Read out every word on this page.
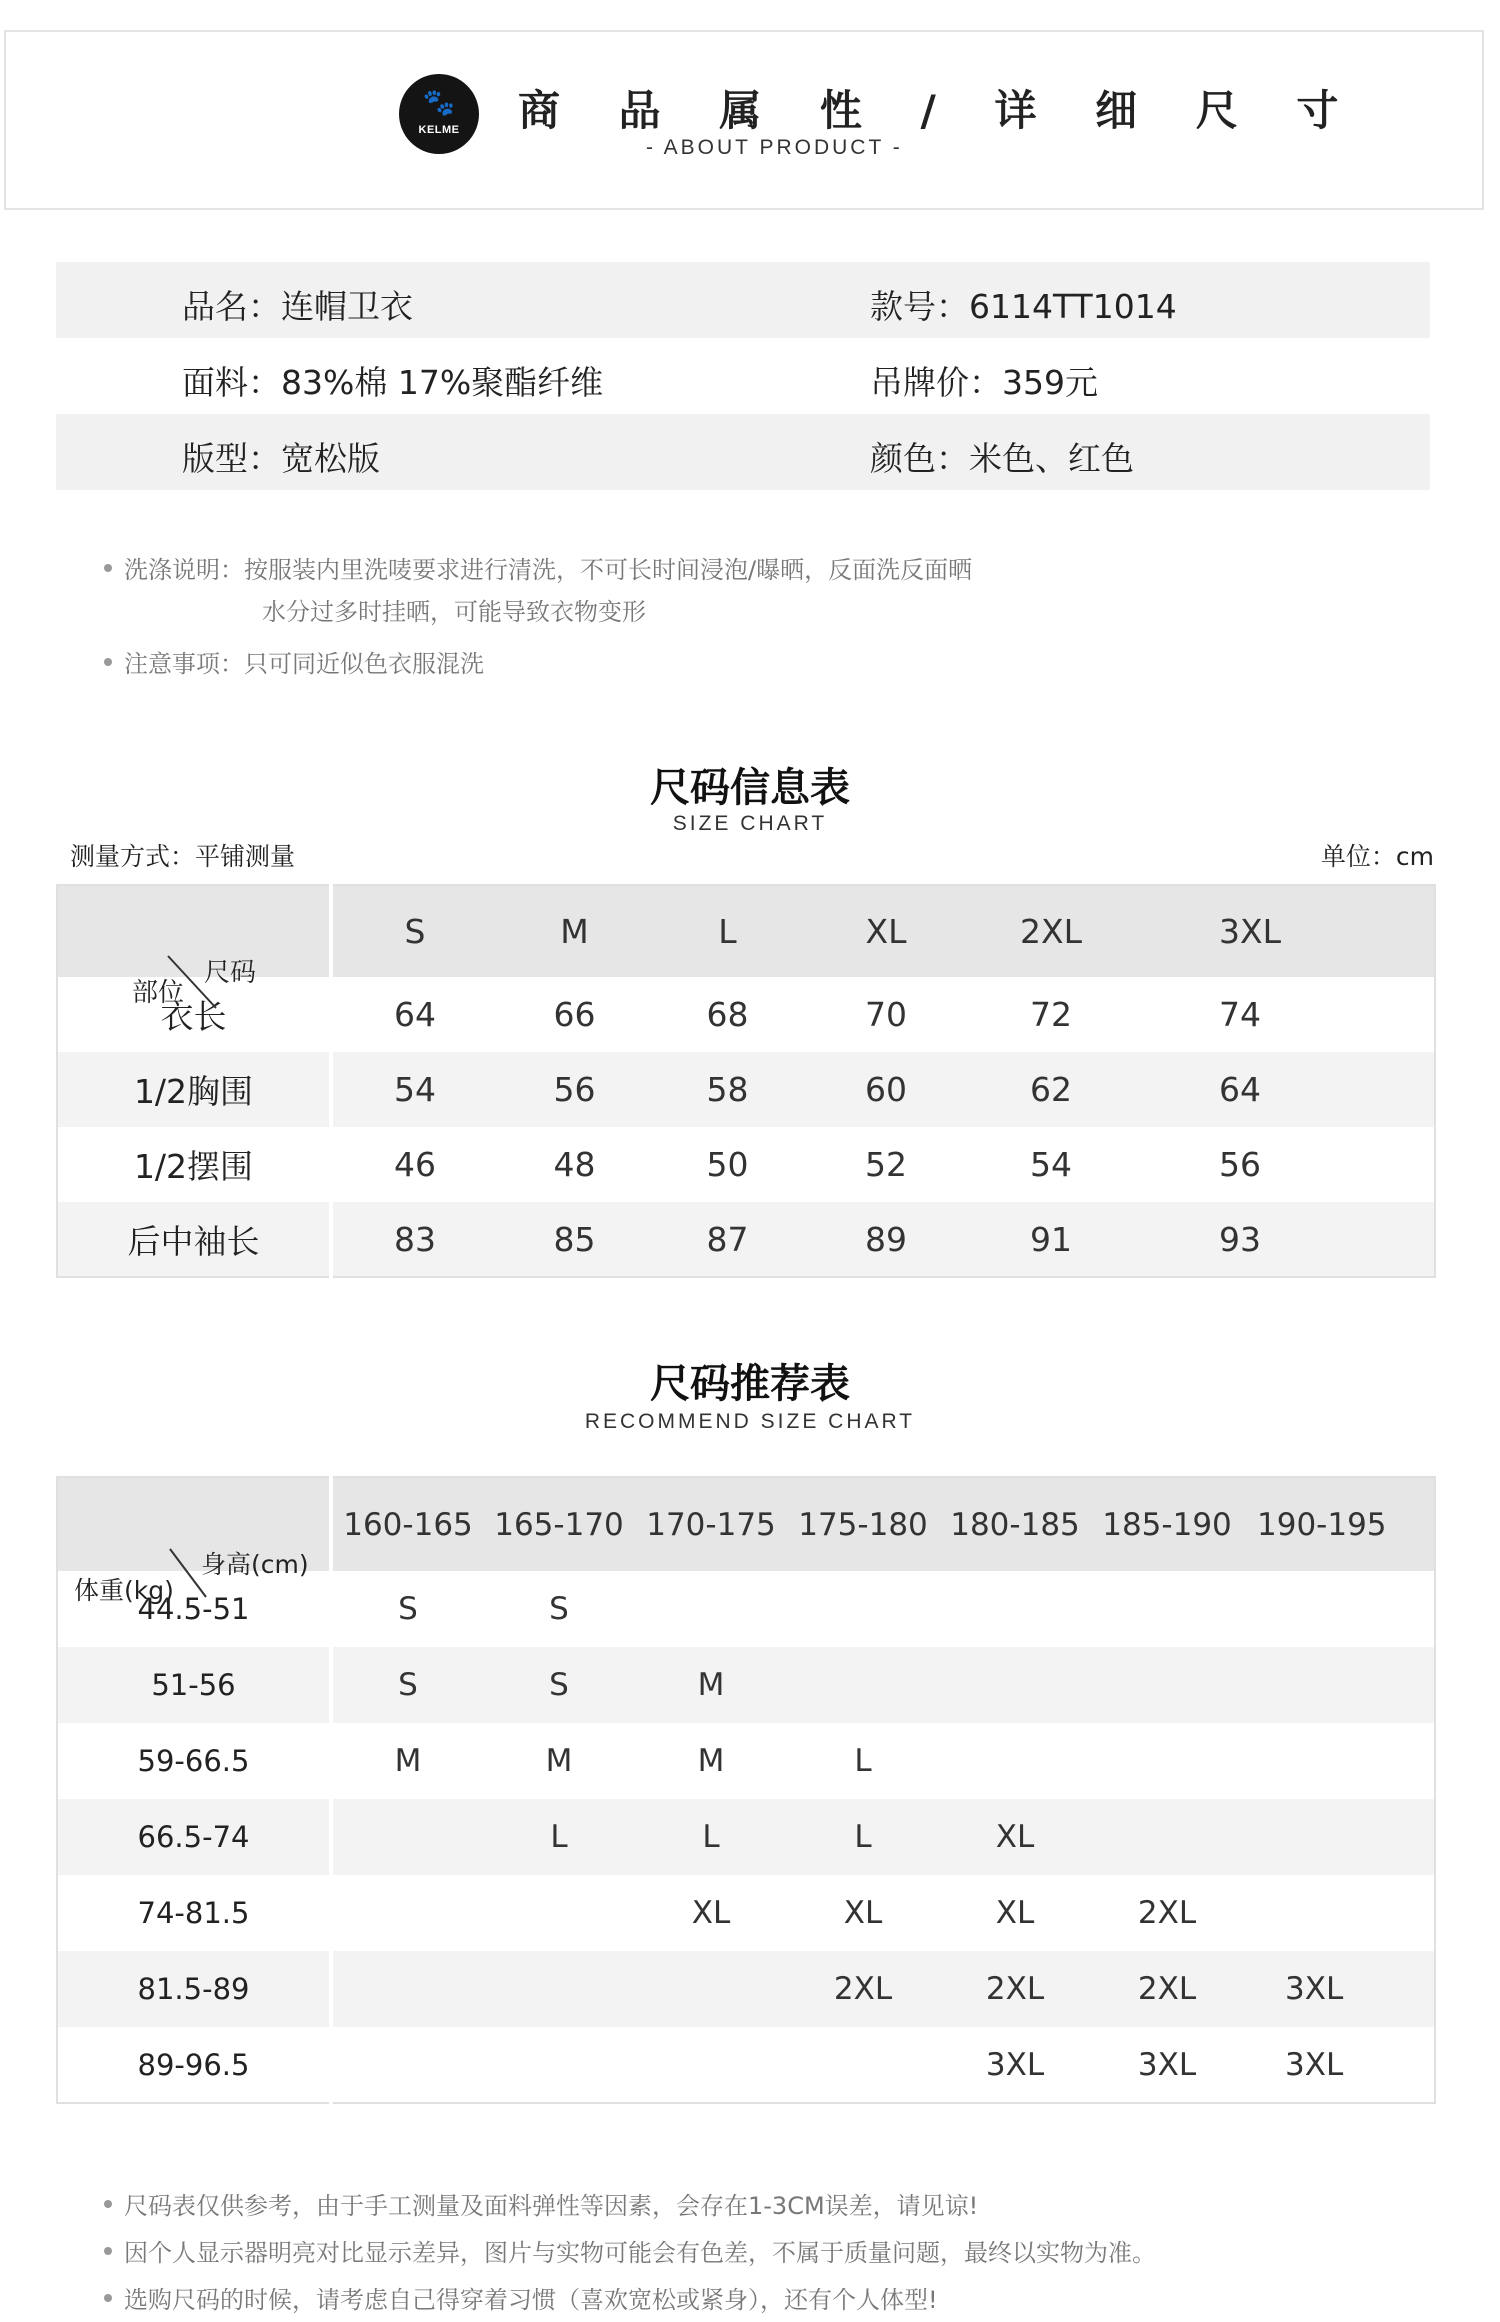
🐾
KELME	商 品 属 性 / 详 细 尺 寸
- ABOUT PRODUCT -
品名：连帽卫衣	款号：6114TT1014
面料：83%棉 17%聚酯纤维	吊牌价：359元
版型：宽松版	颜色：米色、红色
洗涤说明：按服装内里洗唛要求进行清洗，不可长时间浸泡/曝晒，反面洗反面晒
水分过多时挂晒，可能导致衣物变形
注意事项：只可同近似色衣服混洗
尺码信息表
SIZE CHART
测量方式：平铺测量	单位：cm
尺码
部位	S	M	L	XL	2XL	3XL
衣长	64	66	68	70	72	74
1/2胸围	54	56	58	60	62	64
1/2摆围	46	48	50	52	54	56
后中袖长	83	85	87	89	91	93
尺码推荐表
RECOMMEND SIZE CHART
身高(cm)
体重(kg)	160-165	165-170	170-175	175-180	180-185	185-190	190-195
44.5-51	S	S					
51-56	S	S	M				
59-66.5	M	M	M	L			
66.5-74		L	L	L	XL		
74-81.5			XL	XL	XL	2XL	
81.5-89				2XL	2XL	2XL	3XL
89-96.5					3XL	3XL	3XL
尺码表仅供参考，由于手工测量及面料弹性等因素，会存在1-3CM误差，请见谅!
因个人显示器明亮对比显示差异，图片与实物可能会有色差，不属于质量问题，最终以实物为准。
选购尺码的时候，请考虑自己得穿着习惯（喜欢宽松或紧身），还有个人体型!
